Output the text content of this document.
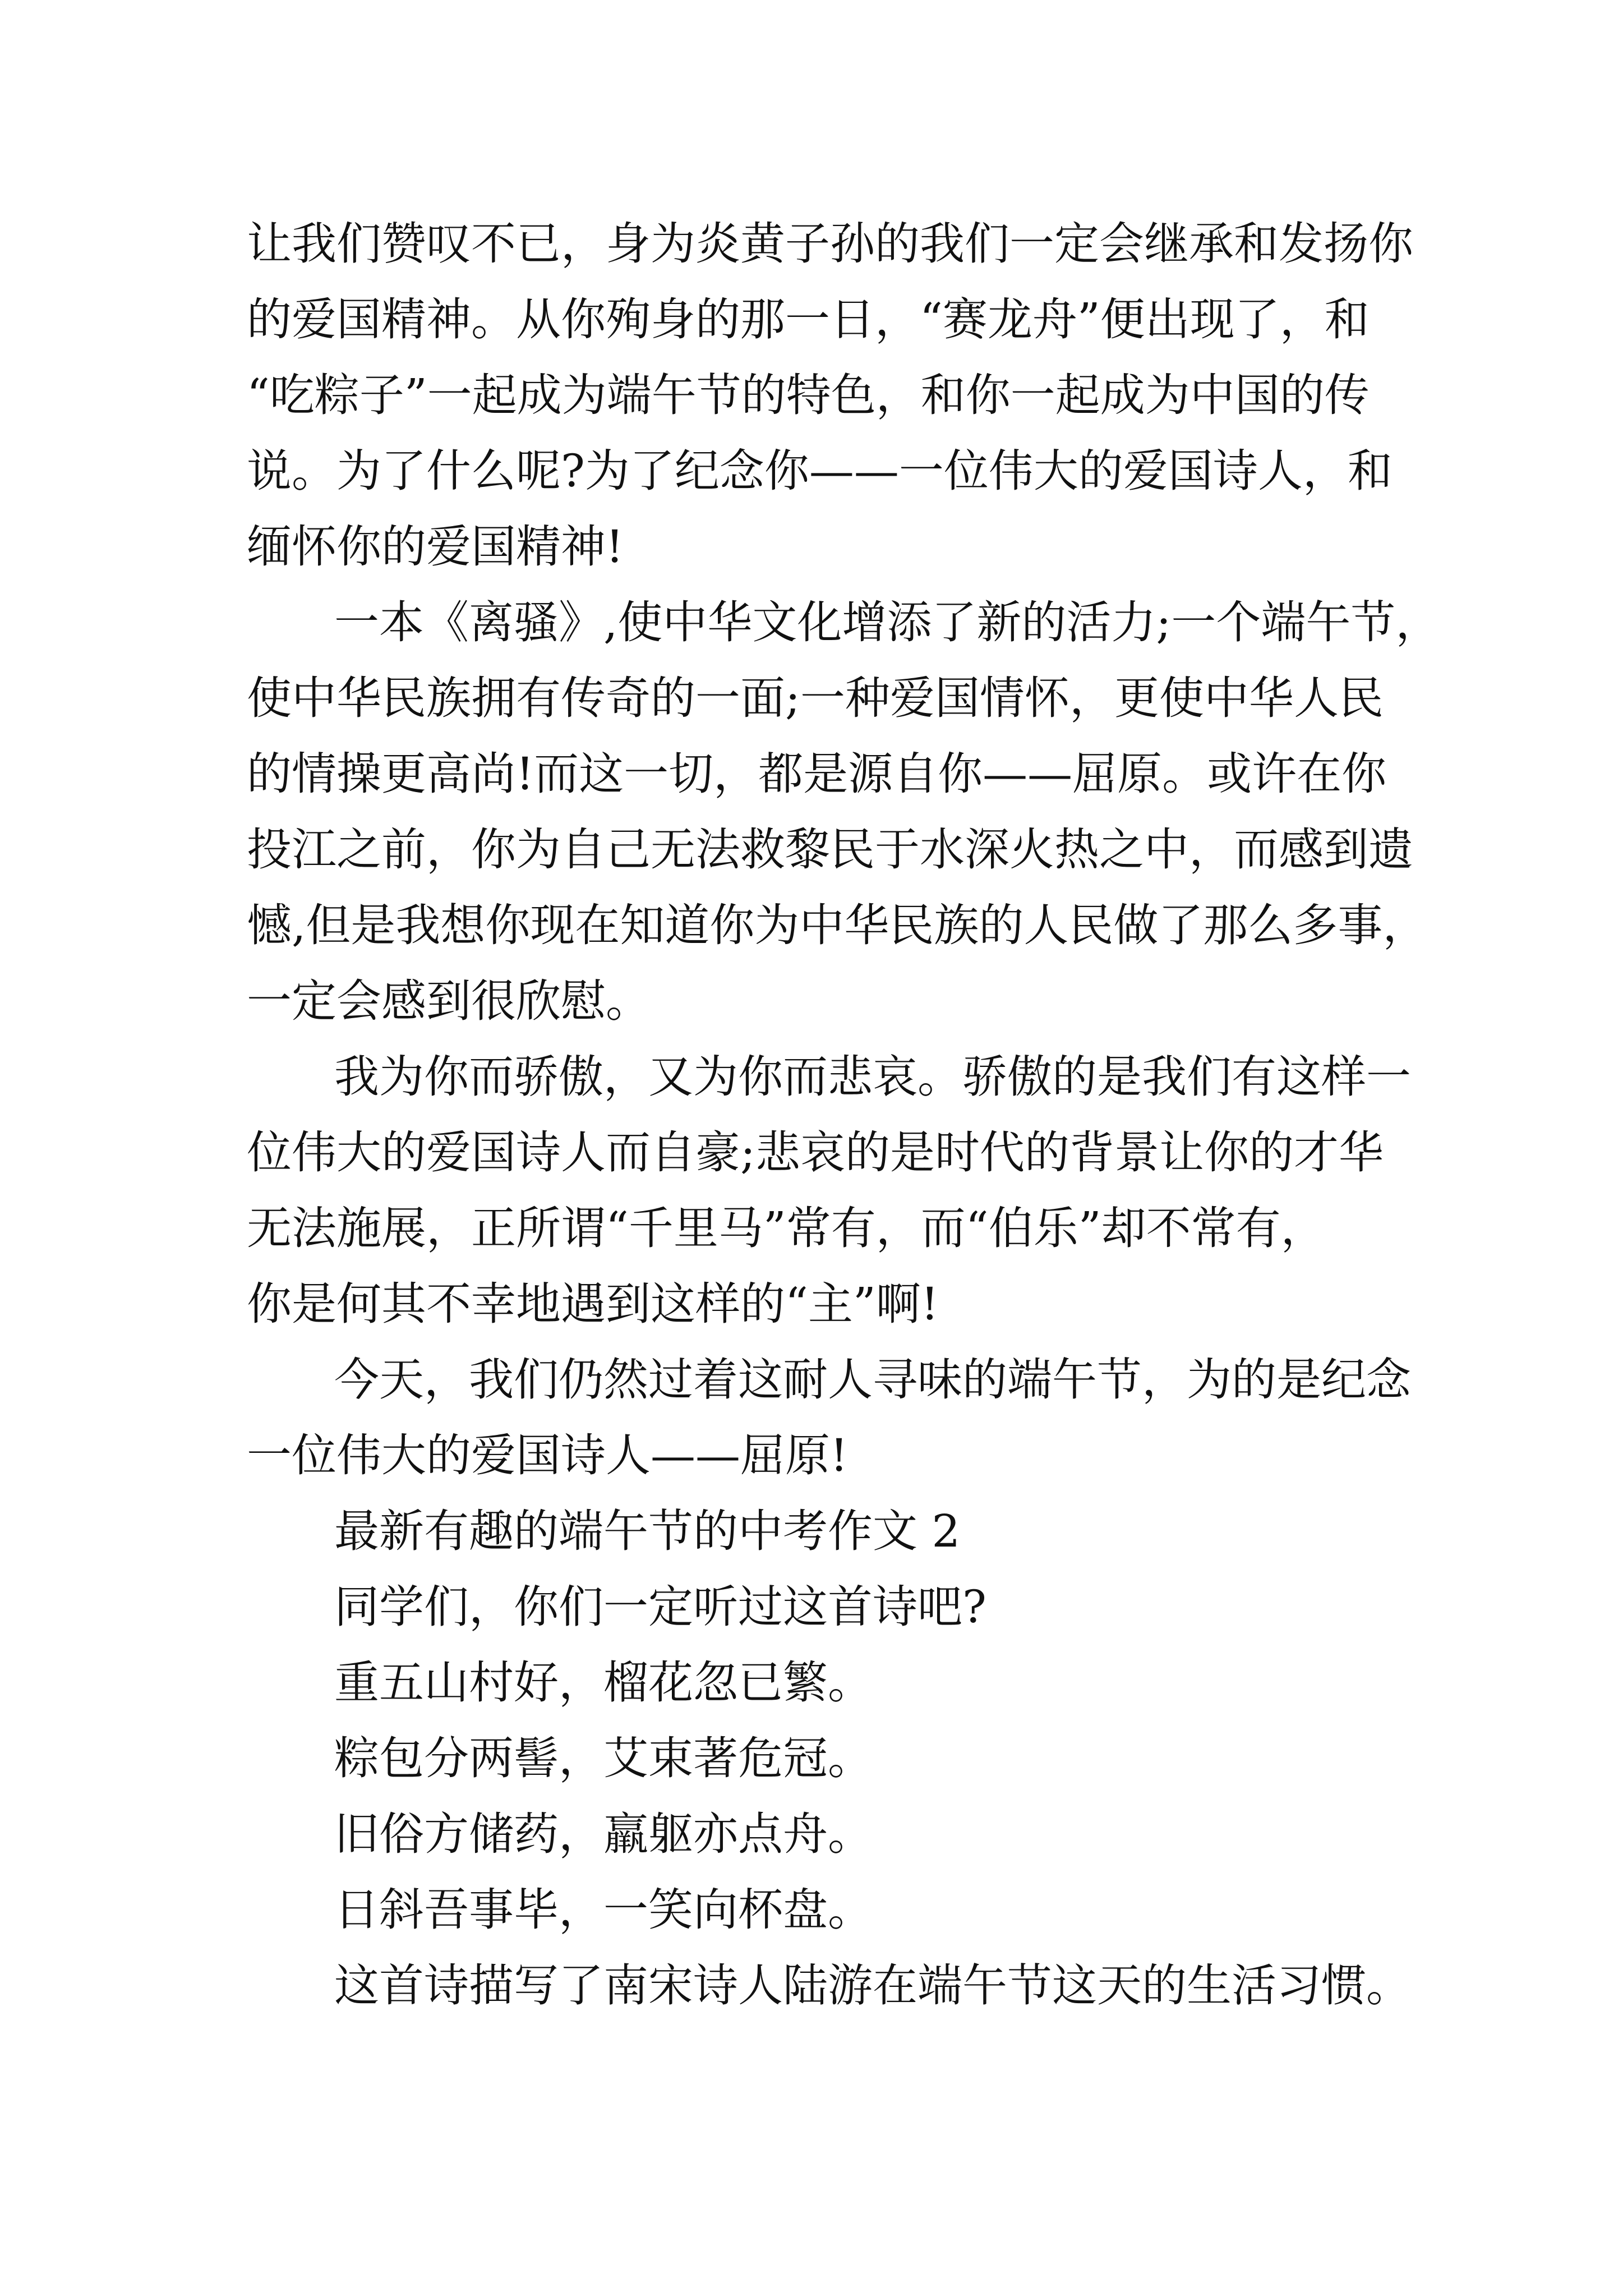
让我们赞叹不已，身为炎黄子孙的我们一定会继承和发扬你
的爱国精神。从你殉身的那一日，“赛龙舟”便出现了，和
“吃粽子”一起成为端午节的特色，和你一起成为中国的传
说。为了什么呢?为了纪念你——一位伟大的爱国诗人，和
缅怀你的爱国精神!
一本《离骚》,使中华文化增添了新的活力;一个端午节，
使中华民族拥有传奇的一面;一种爱国情怀，更使中华人民
的情操更高尚!而这一切，都是源自你——屈原。或许在你
投江之前，你为自己无法救黎民于水深火热之中，而感到遗
憾,但是我想你现在知道你为中华民族的人民做了那么多事，
一定会感到很欣慰。
我为你而骄傲，又为你而悲哀。骄傲的是我们有这样一
位伟大的爱国诗人而自豪;悲哀的是时代的背景让你的才华
无法施展，正所谓“千里马”常有，而“伯乐”却不常有，
你是何其不幸地遇到这样的“主”啊!
今天，我们仍然过着这耐人寻味的端午节，为的是纪念
一位伟大的爱国诗人——屈原!
最新有趣的端午节的中考作文 2
同学们，你们一定听过这首诗吧?
重五山村好，榴花忽已繁。
粽包分两髻，艾束著危冠。
旧俗方储药，羸躯亦点舟。
日斜吾事毕，一笑向杯盘。
这首诗描写了南宋诗人陆游在端午节这天的生活习惯。
